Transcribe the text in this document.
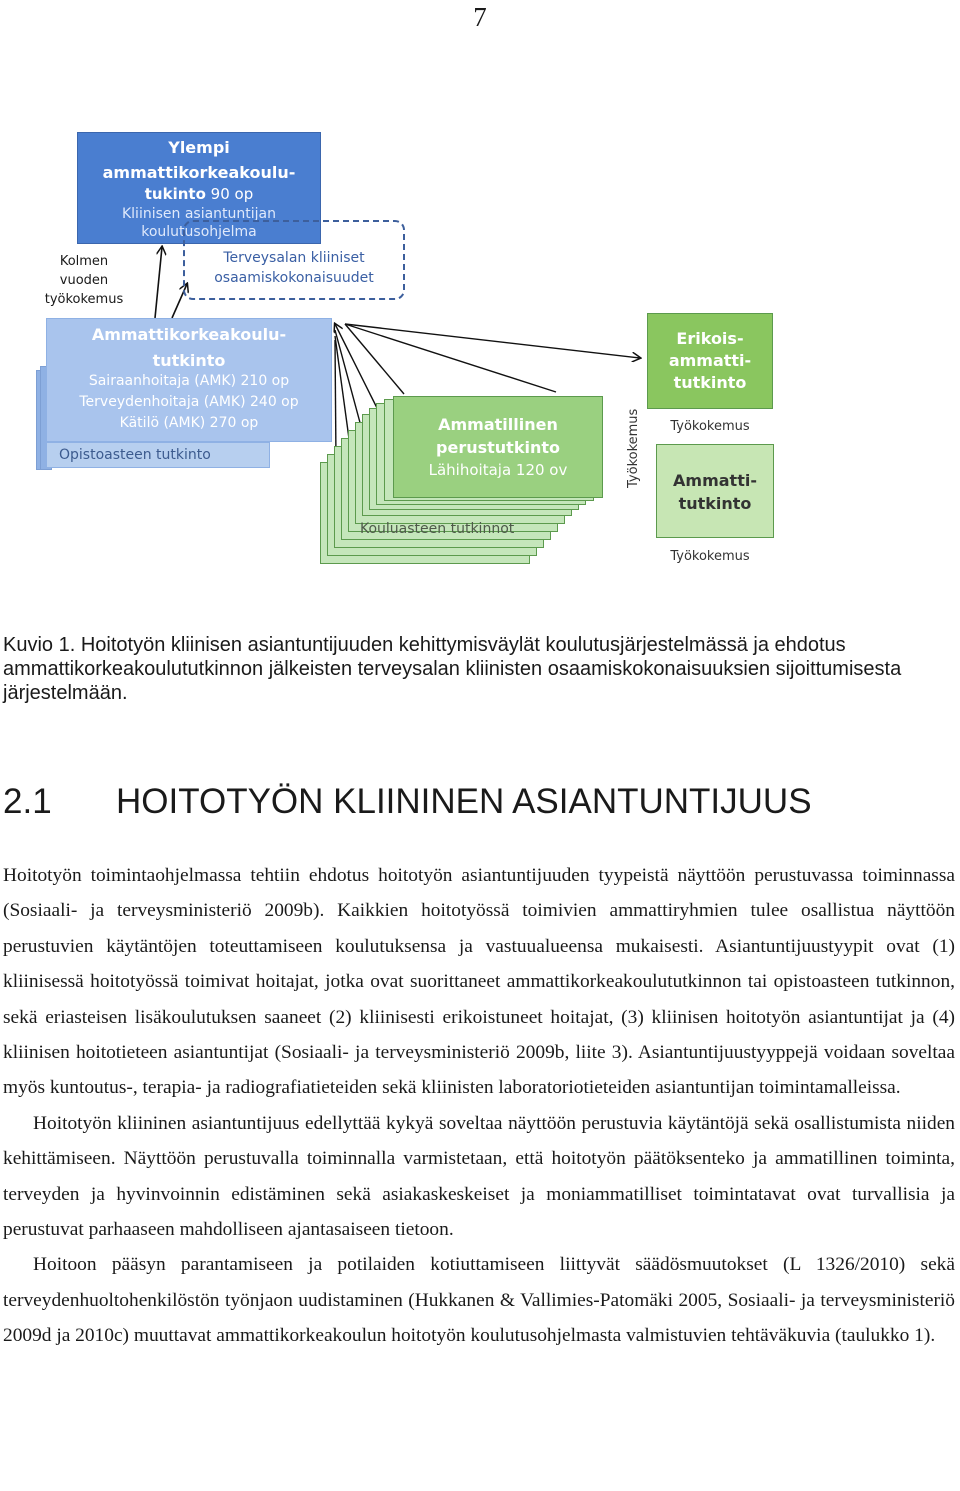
7
Ylempi
ammattikorkeakoulu-
tukinto 90 op
Kliinisen asiantuntijan
koulutusohjelma
Terveysalan kliiniset
osaamiskokonaisuudet
Kolmen
vuoden
työkokemus
Ammattikorkeakoulu-
tutkinto
Sairaanhoitaja (AMK) 210 op
Terveydenhoitaja (AMK) 240 op
Kätilö (AMK) 270 op
Opistoasteen tutkinto
Ammatillinen
perustutkinto
Lähihoitaja 120 ov
Kouluasteen tutkinnot
Työkokemus
Erikois-
ammatti-
tutkinto
Työkokemus
Ammatti-
tutkinto
Työkokemus
Kuvio 1. Hoitotyön kliinisen asiantuntijuuden kehittymisväylät koulutusjärjestelmässä ja ehdotus ammattikorkeakoulututkinnon jälkeisten terveysalan kliinisten osaamiskokonaisuuksien sijoittumisesta järjestelmään.
2.1 HOITOTYÖN KLIININEN ASIANTUNTIJUUS

Hoitotyön toimintaohjelmassa tehtiin ehdotus hoitotyön asiantuntijuuden tyypeistä näyttöön perustuvassa toiminnassa (Sosiaali- ja terveysministeriö 2009b). Kaikkien hoitotyössä toimivien ammattiryhmien tulee osallistua näyttöön perustuvien käytäntöjen toteuttamiseen koulutuksensa ja vastuualueensa mukaisesti. Asiantuntijuustyypit ovat (1) kliinisessä hoitotyössä toimivat hoitajat, jotka ovat suorittaneet ammattikorkeakoulututkinnon tai opistoasteen tutkinnon, sekä eriasteisen lisäkoulutuksen saaneet (2) kliinisesti erikoistuneet hoitajat, (3) kliinisen hoitotyön asiantuntijat ja (4) kliinisen hoitotieteen asiantuntijat (Sosiaali- ja terveysministeriö 2009b, liite 3). Asiantuntijuustyyppejä voidaan soveltaa myös kuntoutus-, terapia- ja radiografiatieteiden sekä kliinisten laboratoriotieteiden asiantuntijan toimintamalleissa.

Hoitotyön kliininen asiantuntijuus edellyttää kykyä soveltaa näyttöön perustuvia käytäntöjä sekä osallistumista niiden kehittämiseen. Näyttöön perustuvalla toiminnalla varmistetaan, että hoitotyön päätöksenteko ja ammatillinen toiminta, terveyden ja hyvinvoinnin edistäminen sekä asiakaskeskeiset ja moniammatilliset toimintatavat ovat turvallisia ja perustuvat parhaaseen mahdolliseen ajantasaiseen tietoon.

Hoitoon pääsyn parantamiseen ja potilaiden kotiuttamiseen liittyvät säädösmuutokset (L 1326/2010) sekä terveydenhuoltohenkilöstön työnjaon uudistaminen (Hukkanen & Vallimies-Patomäki 2005, Sosiaali- ja terveysministeriö 2009d ja 2010c) muuttavat ammattikorkeakoulun hoitotyön koulutusohjelmasta valmistuvien tehtäväkuvia (taulukko 1).
